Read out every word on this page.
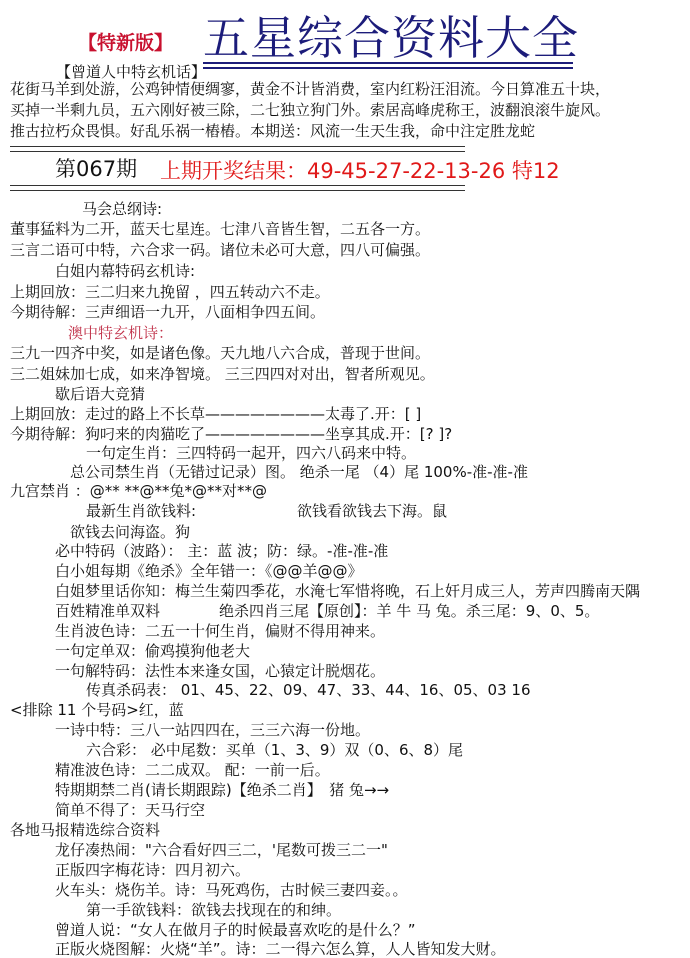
【特新版】 五星综合资料大全
【曾道人中特玄机话】
花街马羊到处游，公鸡钟情便绸寥，黄金不计皆消费，室内红粉汪泪流。今日算准五十块，
买掉一半剩九员，五六刚好被三除，二七独立狗门外。索居高峰虎称王，波翻浪滚牛旋风。
推古拉朽众畏惧。好乱乐祸一樁樁。本期送：风流一生天生我，命中注定胜龙蛇
第067期 上期开奖结果：49-45-27-22-13-26 特12
马会总纲诗:
董事猛料为二开，蓝天七星连。七津八音皆生智，二五各一方。
三言二语可中特，六合求一码。诸位未必可大意，四八可偏强。
白姐内幕特码玄机诗:
上期回放：三二归来九挽留 ，四五转动六不走。
今期待解：三声细语一九开，八面相争四五间。
澳中特玄机诗：
三九一四齐中奖，如是诸色像。天九地八六合成，普现于世间。
三二姐妹加七成，如来净智境。 三三四四对对出，智者所观见。
歇后语大竞猜
上期回放：走过的路上不长草————————太毒了.开：[ ]
今期待解：狗叼来的肉猫吃了————————坐享其成.开：[? ]?
一句定生肖：三四特码一起开，四六八码来中特。
总公司禁生肖（无错过记录）图。 绝杀一尾 （4）尾 100%-准-准-准
九宫禁肖 ：@** **@**兔*@**对**@
最新生肖欲钱料:	欲钱看欲钱去下海。鼠
欲钱去问海盗。狗
必中特码（波路）： 主：蓝 波；防：绿。-准-准-准
白小姐每期《绝杀》全年错一：《@@羊@@》
白姐梦里话你知：梅兰生菊四季花，水淹七军惜将晚，石上奸月成三人，芳声四腾南天隅
百姓精准单双料	绝杀四肖三尾【原创】：羊 牛 马 兔。杀三尾：9、0、5。
生肖波色诗：二五一十何生肖，偏财不得用神来。
一句定单双：偷鸡摸狗他老大
一句解特码：法性本来逢女国，心猿定计脱烟花。
传真杀码表： 01、45、22、09、47、33、44、16、05、03 16
<排除 11 个号码>红，蓝
一诗中特：三八一站四四在，三三六海一份地。
六合彩： 必中尾数：买单（1、3、9）双（0、6、8）尾
精准波色诗：二二成双。 配：一前一后。
特期期禁二肖(请长期跟踪)【绝杀二肖】　猪 兔→→
简单不得了：天马行空
各地马报精选综合资料
龙仔凑热闹："六合看好四三二，'尾数可拨三二一"
正版四字梅花诗：四月初六。
火车头：烧伤羊。诗：马死鸡伤，古时候三妻四妾。。
第一手欲钱料：欲钱去找现在的和绅。
曾道人说：“女人在做月子的时候最喜欢吃的是什么？”
正版火烧图解：火烧“羊”。诗：二一得六怎么算，人人皆知发大财。
